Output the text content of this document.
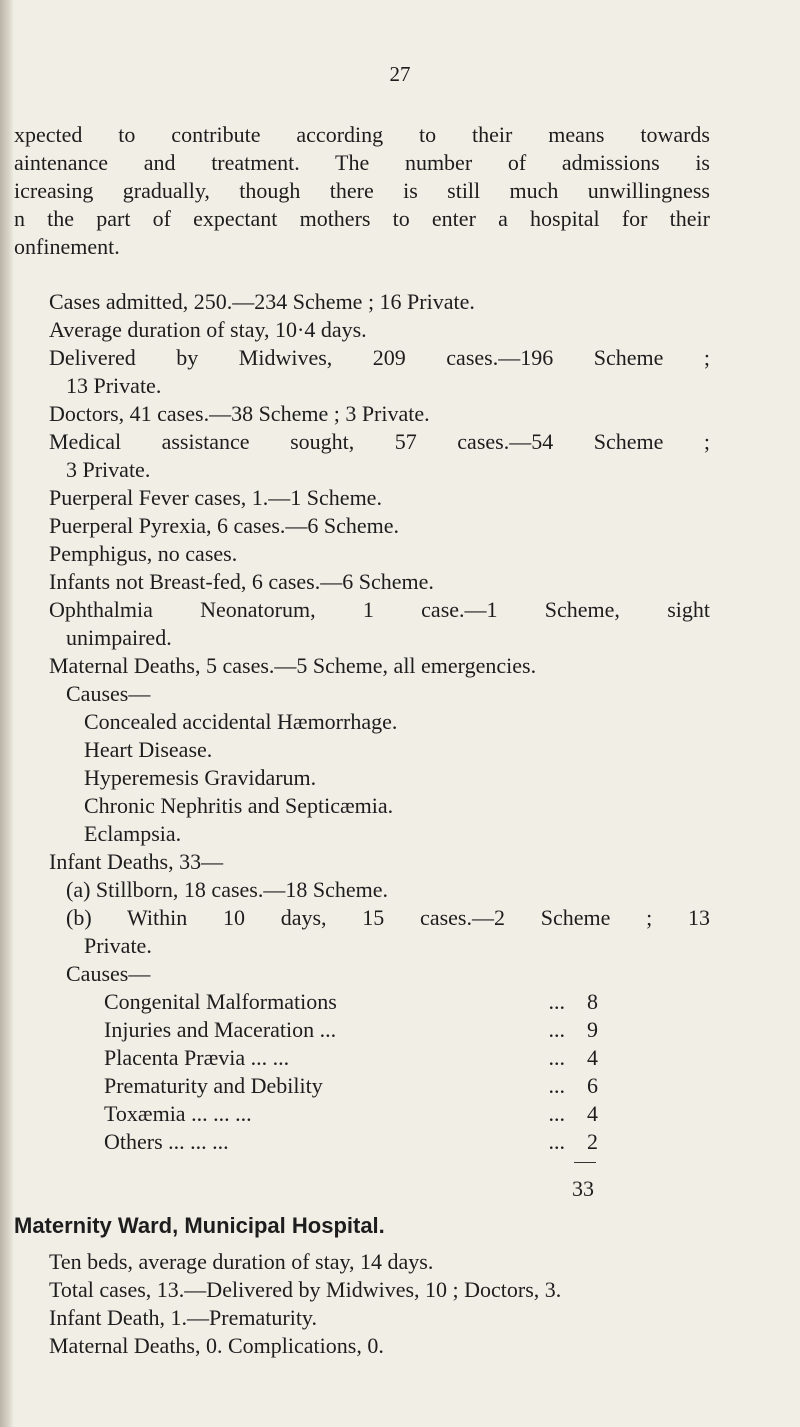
27
xpected to contribute according to their means towards
aintenance and treatment. The number of admissions is
icreasing gradually, though there is still much unwillingness
n the part of expectant mothers to enter a hospital for their
onfinement.
Cases admitted, 250.—234 Scheme ; 16 Private.
Average duration of stay, 10·4 days.
Delivered by Midwives, 209 cases.—196 Scheme ;
13 Private.
Doctors, 41 cases.—38 Scheme ; 3 Private.
Medical assistance sought, 57 cases.—54 Scheme ;
3 Private.
Puerperal Fever cases, 1.—1 Scheme.
Puerperal Pyrexia, 6 cases.—6 Scheme.
Pemphigus, no cases.
Infants not Breast-fed, 6 cases.—6 Scheme.
Ophthalmia Neonatorum, 1 case.—1 Scheme, sight
unimpaired.
Maternal Deaths, 5 cases.—5 Scheme, all emergencies.
Causes—
Concealed accidental Hæmorrhage.
Heart Disease.
Hyperemesis Gravidarum.
Chronic Nephritis and Septicæmia.
Eclampsia.
Infant Deaths, 33—
(a) Stillborn, 18 cases.—18 Scheme.
(b) Within 10 days, 15 cases.—2 Scheme ; 13
Private.
Causes—
Congenital Malformations	... 8
Injuries and Maceration ...	... 9
Placenta Prævia ... ...	... 4
Prematurity and Debility	... 6
Toxæmia ... ... ...	... 4
Others ... ... ...	... 2
33
Maternity Ward, Municipal Hospital.
Ten beds, average duration of stay, 14 days.
Total cases, 13.—Delivered by Midwives, 10 ; Doctors, 3.
Infant Death, 1.—Prematurity.
Maternal Deaths, 0. Complications, 0.
